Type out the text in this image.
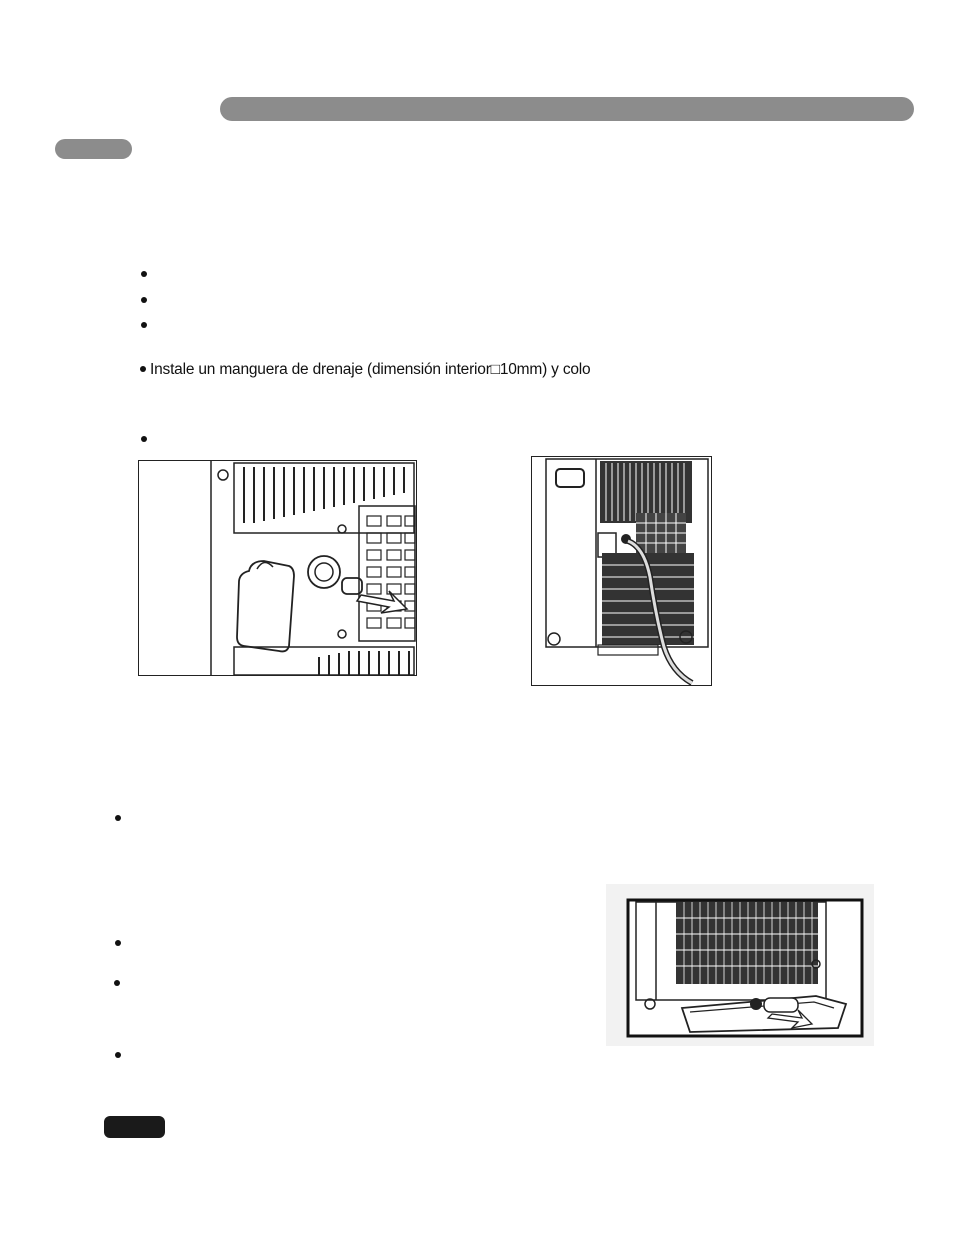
Instale un manguera de drenaje (dimensión interior□10mm) y colo
